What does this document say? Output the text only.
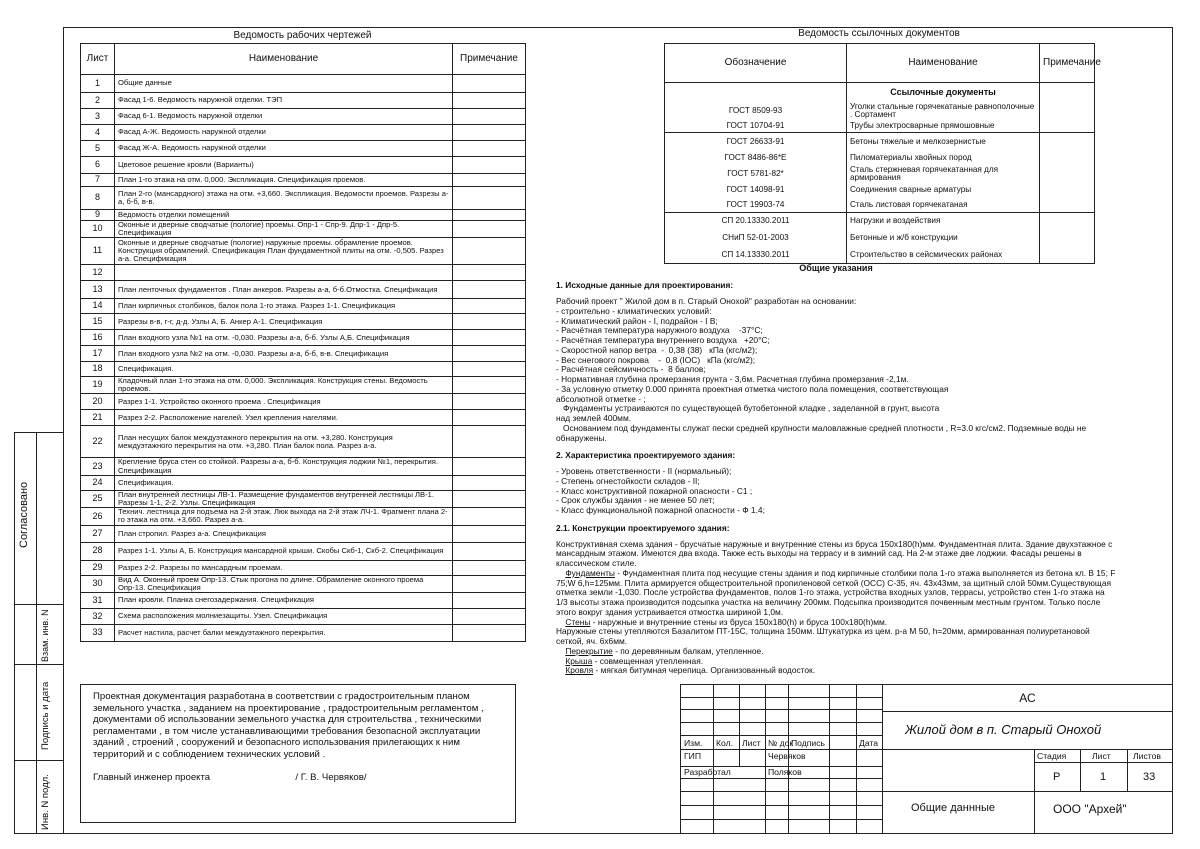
Согласовано
Взам. инв. N
Подпись и дата
Инв. N подл.
Ведомость рабочих чертежей
Лист	Наименование	Примечание
1	Общие данные	
2	Фасад 1-6. Ведомость наружной отделки. ТЭП	
3	Фасад 6-1. Ведомость наружной отделки	
4	Фасад А-Ж. Ведомость наружной отделки	
5	Фасад Ж-А. Ведомость наружной отделки	
6	Цветовое решение кровли (Варианты)	
7	План 1-го этажа на отм. 0,000. Экспликация. Спецификация проемов.	
8	План 2-го (мансардного) этажа на отм. +3,660. Экспликация. Ведомости проемов. Разрезы а-а, б-б, в-в.	
9	Ведомость отделки помещений	
10	Оконные и дверные сводчатые (пологие) проемы. Опр-1 - Спр-9. Дпр-1 - Дпр-5. Спецификация	
11	Оконные и дверные сводчатые (пологие) наружные проемы. обрамление проемов. Конструкция обрамлений. Спецификация План фундаментной плиты на отм. -0,505. Разрез а-а. Спецификация	
12		
13	План ленточных фундаментов . План анкеров. Разрезы а-а, б-б.Отмостка. Спецификация	
14	План кирпичных столбиков, балок пола 1-го этажа. Разрез 1-1. Спецификация	
15	Разрезы в-в, г-г, д-д. Узлы А, Б. Анкер А-1. Спецификация	
16	План входного узла №1 на отм. -0,030. Разрезы а-а, б-б. Узлы А,Б. Спецификация	
17	План входного узла №2 на отм. -0,030. Разрезы а-а, б-б, в-в. Спецификация	
18	Спецификация.	
19	Кладочный план 1-го этажа на отм. 0,000. Экспликация. Конструкция стены. Ведомость проемов.	
20	Разрез 1-1. Устройство оконного проема . Спецификация	
21	Разрез 2-2. Расположение нагелей. Узел крепления нагелями.	
22	План несущих балок междуэтажного перекрытия на отм. +3,280. Конструкция междуэтажного перекрытия на отм. +3,280. План балок пола. Разрез а-а.	
23	Крепление бруса стен со стойкой. Разрезы а-а, б-б. Конструкция лоджии №1, перекрытия. Спецификация	
24	Спецификация.	
25	План внутренней лестницы ЛВ-1. Размещение фундаментов внутренней лестницы ЛВ-1. Разрезы 1-1, 2-2. Узлы. Спецификация	
26	Технич. лестница для подъема на 2-й этаж. Люк выхода на 2-й этаж ЛЧ-1. Фрагмент плана 2-го этажа на отм. +3,660. Разрез а-а.	
27	План стропил. Разрез а-а. Спецификация	
28	Разрез 1-1. Узлы А, Б. Конструкция мансардной крыши. Скобы Скб-1, Скб-2. Спецификация	
29	Разрез 2-2. Разрезы по мансардным проемам.	
30	Вид А. Оконный проем Опр-13. Стык прогона по длине. Обрамление оконного проема Опр-13. Спецификация	
31	План кровли. Планка снегозадержания. Спецификация	
32	Схема расположения молниезащиты. Узел. Спецификация	
33	Расчет настила, расчет балки междуэтажного перекрытия.	
Ведомость ссылочных документов
Обозначение	Наименование	Примечание
	Ссылочные документы	
ГОСТ 8509-93	Уголки стальные горячекатаные равнополочные . Сортамент	
ГОСТ 10704-91	Трубы электросварные прямошовные	
ГОСТ 26633-91	Бетоны тяжелые и мелкозернистые	
ГОСТ 8486-86*Е	Пиломатериалы хвойных пород	
ГОСТ 5781-82*	Сталь стержневая горячекатанная для армирования	
ГОСТ 14098-91	Соединения сварные арматуры	
ГОСТ 19903-74	Сталь листовая горячекатаная	
СП 20.13330.2011	Нагрузки и воздействия	
СНиП 52-01-2003	Бетонные и ж/б конструкции	
СП 14.13330.2011	Строительство в сейсмических районах	

Общие указания

1. Исходные данные для проектирования:

Рабочий проект " Жилой дом в п. Старый Онохой" разработан на основании:
- строительно - климатических условий:
- Климатический район - I, подрайон - I В;
- Расчётная температура наружного воздуха    -37°С;
- Расчётная температура внутреннего воздуха   +20°С;
- Скоростной напор ветра  -  0,38 (38)   кПа (кгс/м2);
- Вес снегового покрова    -  0,8 (ІОС)   кПа (кгс/м2);
- Расчётная сейсмичность -  8 баллов;
- Нормативная глубина промерзания грунта - 3,6м. Расчетная глубина промерзания -2,1м.
- За условную отметку 0.000 принята проектная отметка чистого пола помещения, соответствующая
абсолютной отметке - ;
Фундаменты устраиваются по существующей бутобетонной кладке , заделанной в грунт, высота
над землей 400мм.
Основанием под фундаменты служат пески средней крупности маловлажные средней плотности , R=3.0 кгс/см2. Подземные воды не обнаружены.

2. Характеристика проектируемого здания:

- Уровень ответственности - II (нормальный);
- Степень огнестойкости складов - II;
- Класс конструктивной пожарной опасности - С1 ;
- Срок службы здания - не менее 50 лет;
- Класс функциональной пожарной опасности - Ф 1.4;

2.1. Конструкции проектируемого здания:

Конструктивная схема здания - брусчатые наружные и внутренние стены из бруса 150х180(h)мм. Фундаментная плита. Здание двухэтажное с мансардным этажом. Имеются два входа. Также есть выходы на террасу и в зимний сад. На 2-м этаже две лоджии. Фасады решены в классическом стиле.

Фундаменты - Фундаментная плита под несущие стены здания и под кирпичные столбики пола 1-го этажа выполняется из бетона кл. В 15; F 75;W 6,h=125мм. Плита армируется общестроительной пропиленовой сеткой (ОСС) С-35, яч. 43х43мм, за щитный слой 50мм.Существующая отметка земли -1,030. После устройства фундаментов, полов 1-го этажа, устройства входных узлов, террасы, устройство стен 1-го этажа на 1/3 высоты этажа производится подсыпка участка на величину 200мм. Подсыпка производится почвенным местным грунтом. Только после этого вокруг здания устраивается отмостка шириной 1,0м.

Стены - наружные и внутренние стены из бруса 150х180(h) и бруса 100х180(h)мм.
Наружные стены утепляются Базалитом ПТ-15С, толщина 150мм. Штукатурка из цем. р-а М 50, h=20мм, армированная полиуретановой сеткой, яч. 6х6мм.

Перекрытие - по деревянным балкам, утепленное.

Крыша - совмещенная утепленная.

Кровля - мягкая битумная черепица. Организованный водосток.

Проектная документация разработана в соответствии с градостроительным планом земельного участка , заданием на проектирование , градостроительным регламентом , документами об использовании земельного участка для строительства , техническими регламентами , в том числе устанавливающими требования безопасной эксплуатации зданий , строений , сооружений и безопасного использования прилегающих к ним территорий и с соблюдением технических условий .
Главный инженер проекта	/ Г. В. Червяков/
Изм. Кол. Лист № док
Подпись	Дата
ГИП	Червяков
Разработал	Поляков
АС
Жилой дом в п. Старый Онохой
Общие даннные
Стадия	Лист	Листов
Р	1	33
ООО "Архей"
